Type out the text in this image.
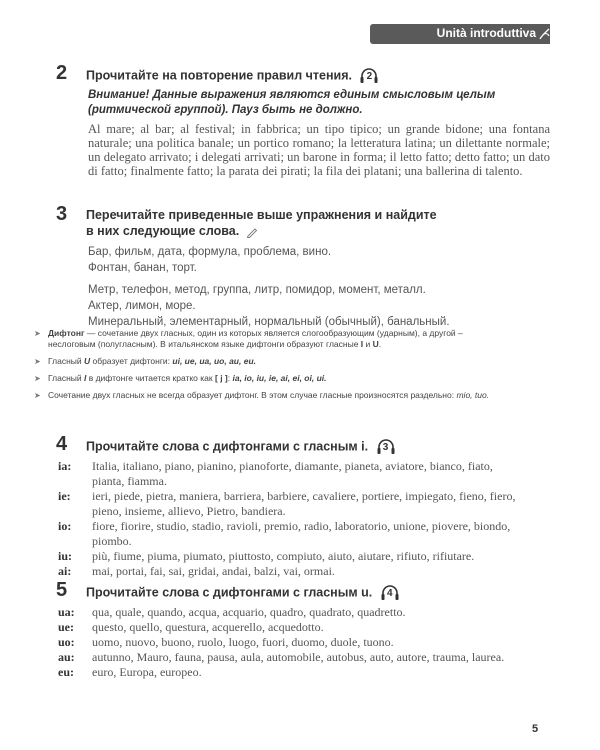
Unità introduttiva
2 Прочитайте на повторение правил чтения.	2
Внимание! Данные выражения являются единым смысловым целым (ритмической группой). Пауз быть не должно.
Al mare; al bar; al festival; in fabbrica; un tipo tipico; un grande bidone; una fontana naturale; una politica banale; un portico romano; la letteratura latina; un dilettante normale; un delegato arrivato; i delegati arrivati; un barone in forma; il letto fatto; detto fatto; un dato di fatto; finalmente fatto; la parata dei pirati; la fila dei platani; una ballerina di talento.
3 Перечитайте приведенные выше упражнения и найдите
в них следующие слова.
Бар, фильм, дата, формула, проблема, вино.
Фонтан, банан, торт.
Метр, телефон, метод, группа, литр, помидор, момент, металл.
Актер, лимон, море.
Минеральный, элементарный, нормальный (обычный), банальный.
➤ Дифтонг — сочетание двух гласных, один из которых является слогообразующим (ударным), а другой – неслоговым (полугласным). В итальянском языке дифтонги образуют гласные I и U.
➤ Гласный U образует дифтонги: ui, ue, ua, uo, au, eu.
➤ Гласный I в дифтонге читается кратко как [ j ]: ia, io, iu, ie, ai, ei, oi, ui.
➤ Сочетание двух гласных не всегда образует дифтонг. В этом случае гласные произносятся раздельно: mio, tuo.
4 Прочитайте слова с дифтонгами с гласным i.	3
ia: Italia, italiano, piano, pianino, pianoforte, diamante, pianeta, aviatore, bianco, fiato, pianta, fiamma.
ie: ieri, piede, pietra, maniera, barriera, barbiere, cavaliere, portiere, impiegato, fieno, fiero, pieno, insieme, allievo, Pietro, bandiera.
io: fiore, fiorire, studio, stadio, ravioli, premio, radio, laboratorio, unione, piovere, biondo, piombo.
iu: più, fiume, piuma, piumato, piuttosto, compiuto, aiuto, aiutare, rifiuto, rifiutare.
ai: mai, portai, fai, sai, gridai, andai, balzi, vai, ormai.
5 Прочитайте слова с дифтонгами с гласным u.	4
ua: qua, quale, quando, acqua, acquario, quadro, quadrato, quadretto.
ue: questo, quello, questura, acquerello, acquedotto.
uo: uomo, nuovo, buono, ruolo, luogo, fuori, duomo, duole, tuono.
au: autunno, Mauro, fauna, pausa, aula, automobile, autobus, auto, autore, trauma, laurea.
eu: euro, Europa, europeo.
5
